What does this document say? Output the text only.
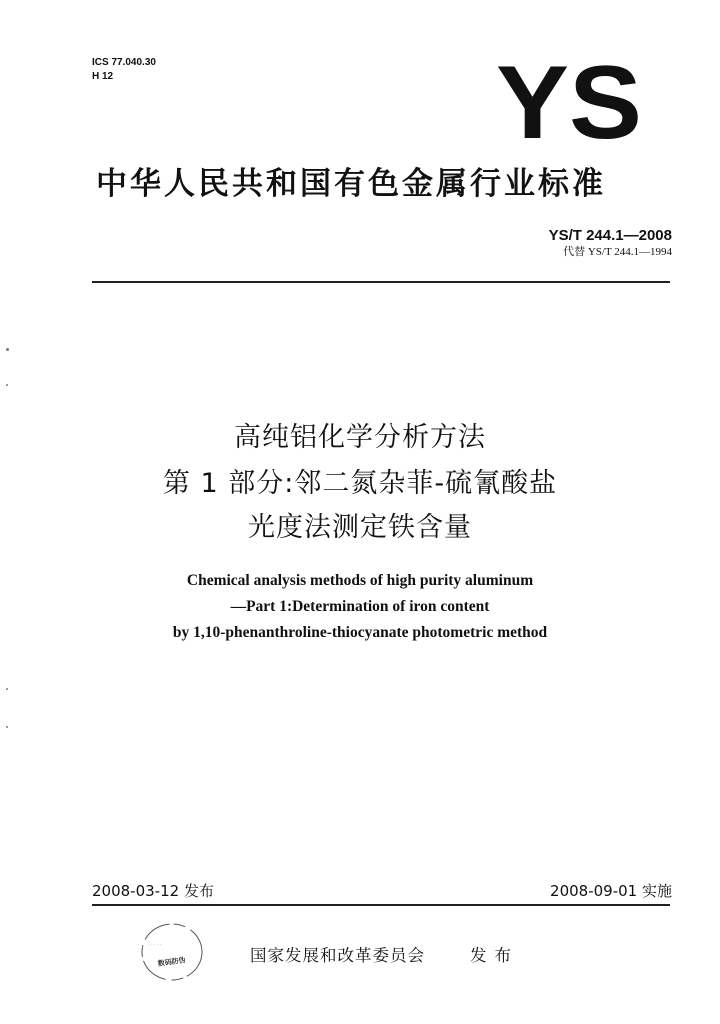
ICS 77.040.30
H 12	YS
中华人民共和国有色金属行业标准
YS/T 244.1—2008
代替 YS/T 244.1—1994
高纯铝化学分析方法
第 1 部分:邻二氮杂菲-硫氰酸盐
光度法测定铁含量
Chemical analysis methods of high purity aluminum
—Part 1:Determination of iron content
by 1,10-phenanthroline-thiocyanate photometric method
2008-03-12 发布	2008-09-01 实施
· · · ·
数码防伪	国家发展和改革委员会	发布
